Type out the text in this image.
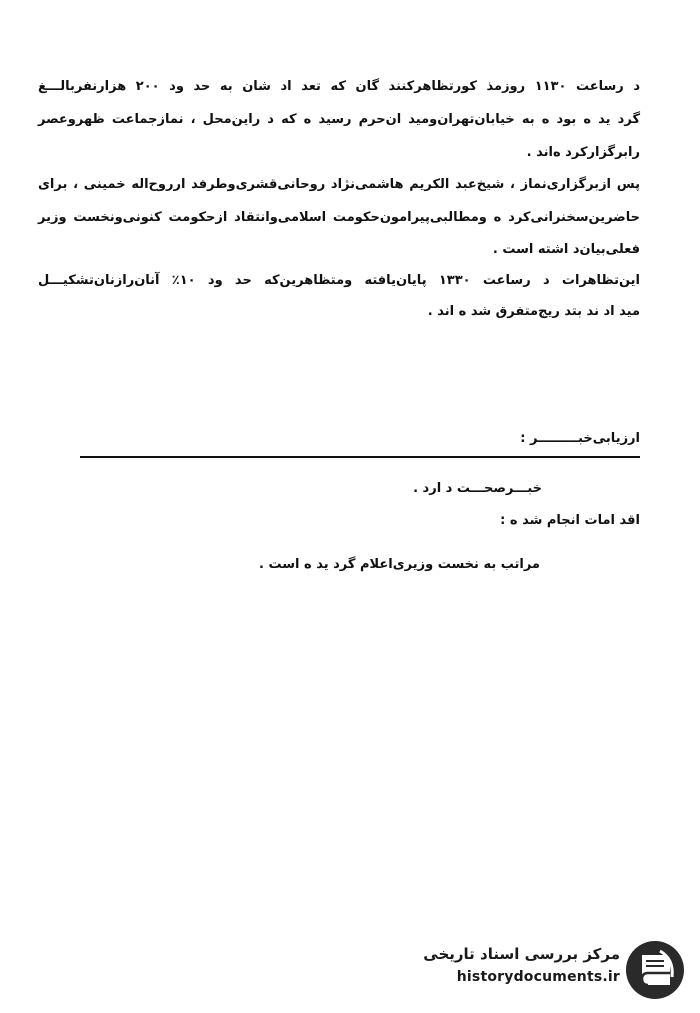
د رساعت ۱۱۳۰ روزمذ کورتظاهرکنند گان که تعد اد شان به حد ود ۲۰۰ هزارنفربالـــغ
گرد ید ه بود ه به خیابان‌تهران‌ومید ان‌حرم رسید ه که د راین‌محل ، نمازجماعت ظهروعصر
رابرگزارکرد ه‌اند .
پس ازبرگزاری‌نماز ، شیخ‌عبد الکریم هاشمی‌نژاد روحانی‌قشری‌وطرفد ارروح‌اله خمینی ، برای
حاضرین‌سخنرانی‌کرد ه ومطالبی‌پیرامون‌حکومت اسلامی‌وانتقاد ازحکومت کنونی‌ونخست وزیر
فعلی‌بیان‌د اشته است .
این‌تظاهرات د رساعت ۱۳۳۰ پایان‌یافته ومتظاهرین‌که حد ود ۱۰٪ آنان‌رازنان‌تشکیـــل
مید اد ند بتد ریج‌متفرق شد ه اند .
ارزیابی‌خبـــــــــر :
خبـــرصحـــت د ارد .
اقد امات انجام شد ه :
مراتب به نخست وزیری‌اعلام گرد ید ه است .
مرکز بررسی اسناد تاریخی
historydocuments.ir
